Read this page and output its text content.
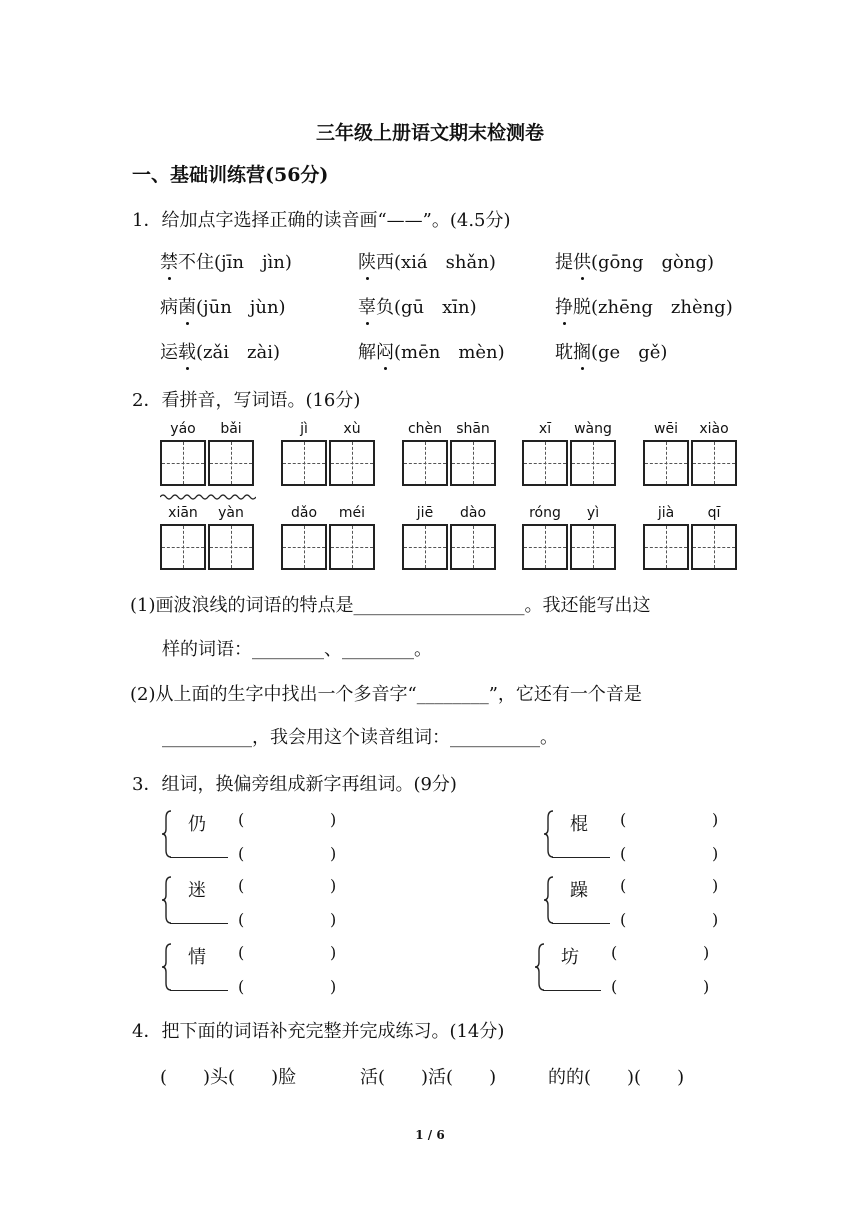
三年级上册语文期末检测卷
一、基础训练营(56分)
1．给加点字选择正确的读音画“——”。(4.5分)
禁不住(jīn　jìn)	陕西(xiá　shǎn)	提供(gōng　gòng)
病菌(jūn　jùn)	辜负(gū　xīn)	挣脱(zhēng　zhèng)
运载(zǎi　zài)	解闷(mēn　mèn)	耽搁(ge　gě)
2．看拼音，写词语。(16分)
yáo	bǎi	jì	xù	chèn	shān	xī	wàng	wēi	xiào
xiān	yàn	dǎo	méi	jiē	dào	róng	yì	jià	qī
(1)画波浪线的词语的特点是___________________。我还能写出这
样的词语：________、________。
(2)从上面的生字中找出一个多音字“________”，它还有一个音是
__________，我会用这个读音组词：__________。
3．组词，换偏旁组成新字再组词。(9分)
仍 (	)
(	)
棍 (	)
(	)
迷 (	)
(	)
躁 (	)
(	)
情 (	)
(	)
坊 (	)
(	)
4．把下面的词语补充完整并完成练习。(14分)
(　　)头(　　)脸	活(　　)活(　　)	的的(　　)(　　)
1 / 6
